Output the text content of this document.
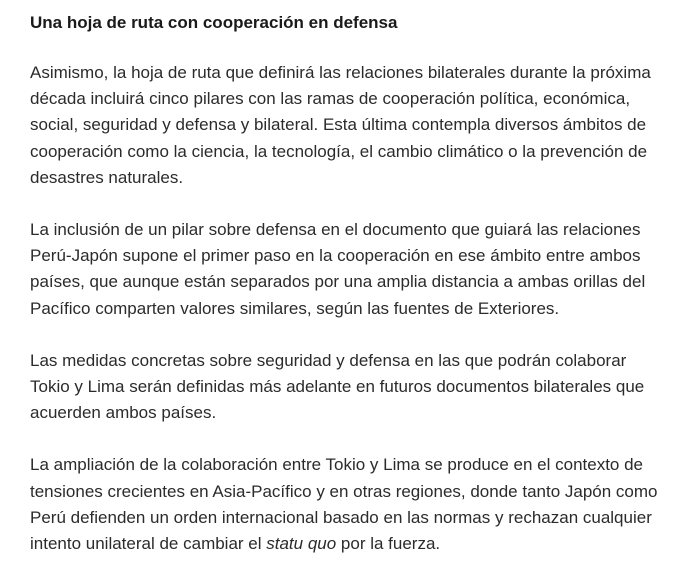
Una hoja de ruta con cooperación en defensa

Asimismo, la hoja de ruta que definirá las relaciones bilaterales durante la próxima década incluirá cinco pilares con las ramas de cooperación política, económica, social, seguridad y defensa y bilateral. Esta última contempla diversos ámbitos de cooperación como la ciencia, la tecnología, el cambio climático o la prevención de desastres naturales.

La inclusión de un pilar sobre defensa en el documento que guiará las relaciones Perú-Japón supone el primer paso en la cooperación en ese ámbito entre ambos países, que aunque están separados por una amplia distancia a ambas orillas del Pacífico comparten valores similares, según las fuentes de Exteriores.

Las medidas concretas sobre seguridad y defensa en las que podrán colaborar Tokio y Lima serán definidas más adelante en futuros documentos bilaterales que acuerden ambos países.

La ampliación de la colaboración entre Tokio y Lima se produce en el contexto de tensiones crecientes en Asia-Pacífico y en otras regiones, donde tanto Japón como Perú defienden un orden internacional basado en las normas y rechazan cualquier intento unilateral de cambiar el statu quo por la fuerza.
